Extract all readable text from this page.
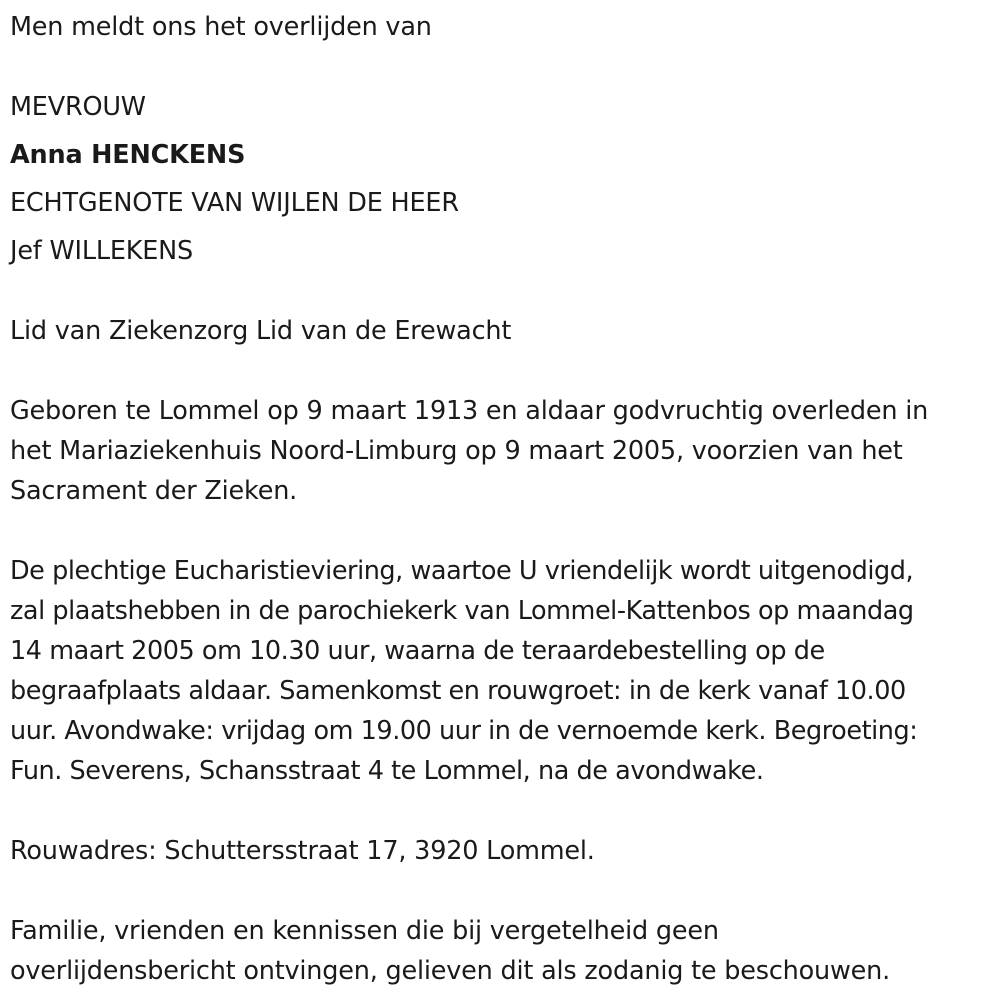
Men meldt ons het overlijden van
MEVROUW
Anna HENCKENS
ECHTGENOTE VAN WIJLEN DE HEER
Jef WILLEKENS
Lid van Ziekenzorg Lid van de Erewacht
Geboren te Lommel op 9 maart 1913 en aldaar godvruchtig overleden in
het Mariaziekenhuis Noord-Limburg op 9 maart 2005, voorzien van het
Sacrament der Zieken.
De plechtige Eucharistieviering, waartoe U vriendelijk wordt uitgenodigd,
zal plaatshebben in de parochiekerk van Lommel-Kattenbos op maandag
14 maart 2005 om 10.30 uur, waarna de teraardebestelling op de
begraafplaats aldaar. Samenkomst en rouwgroet: in de kerk vanaf 10.00
uur. Avondwake: vrijdag om 19.00 uur in de vernoemde kerk. Begroeting:
Fun. Severens, Schansstraat 4 te Lommel, na de avondwake.
Rouwadres: Schuttersstraat 17, 3920 Lommel.
Familie, vrienden en kennissen die bij vergetelheid geen
overlijdensbericht ontvingen, gelieven dit als zodanig te beschouwen.
